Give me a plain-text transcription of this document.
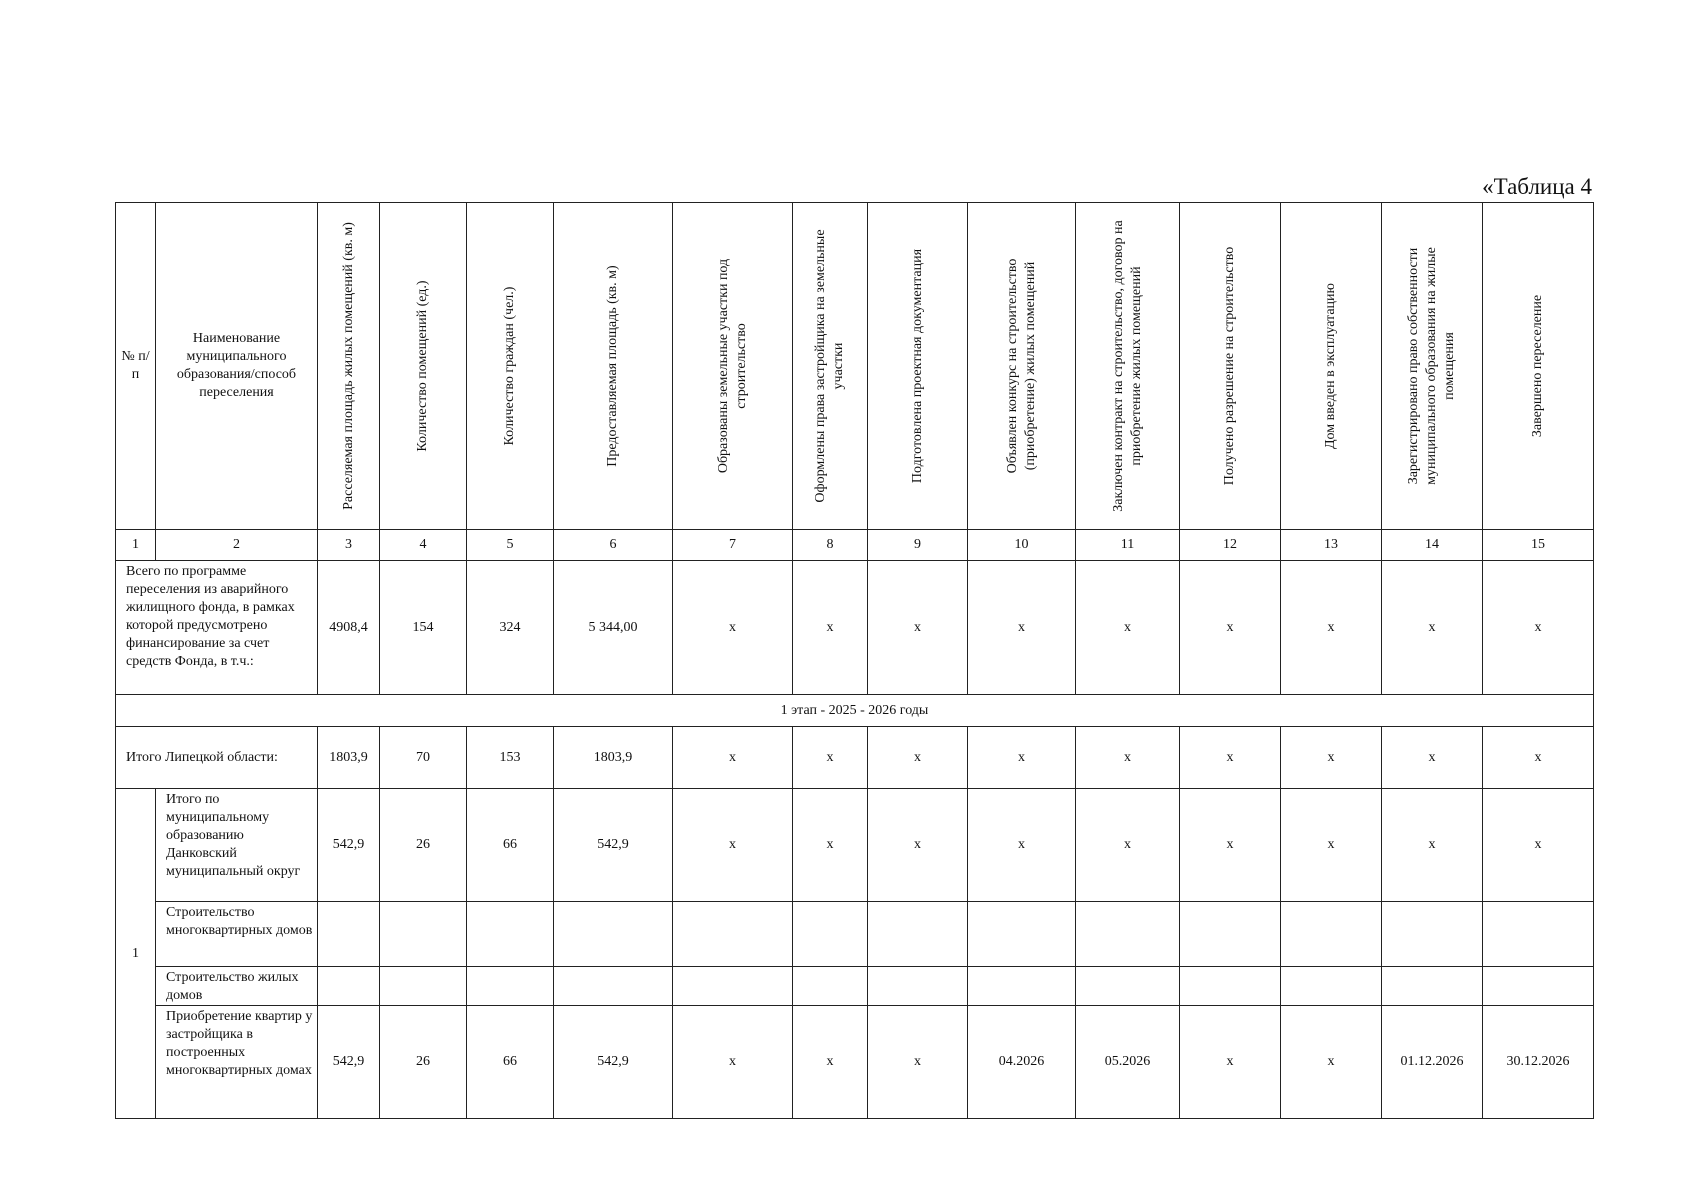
«Таблица 4
№ п/ п	Наименование муниципального образования/способ переселения	Расселяемая площадь жилых помещений (кв. м)	Количество помещений (ед.)	Количество граждан (чел.)	Предоставляемая площадь (кв. м)	Образованы земельные участки под строительство	Оформлены права застройщика на земельные участки	Подготовлена проектная документация	Объявлен конкурс на строительство (приобретение) жилых помещений	Заключен контракт на строительство, договор на приобретение жилых помещений	Получено разрешение на строительство	Дом введен в эксплуатацию	Зарегистрировано право собственности муниципального образования на жилые помещения	Завершено переселение

1	2	3	4	5	6	7	8	9	10	11	12	13	14	15
Всего по программе переселения из аварийного жилищного фонда, в рамках которой предусмотрено финансирование за счет средств Фонда, в т.ч.:		4908,4	154	324	5 344,00	x	x	x	x	x	x	x	x	x
1 этап - 2025 - 2026 годы														
Итого Липецкой области:		1803,9	70	153	1803,9	x	x	x	x	x	x	x	x	x
1	Итого по муниципальному образованию Данковский муниципальный округ	542,9	26	66	542,9	x	x	x	x	x	x	x	x	x
	Строительство многоквартирных домов													
	Строительство жилых домов													
	Приобретение квартир у застройщика в построенных многоквартирных домах	542,9	26	66	542,9	x	x	x	04.2026	05.2026	x	x	01.12.2026	30.12.2026
